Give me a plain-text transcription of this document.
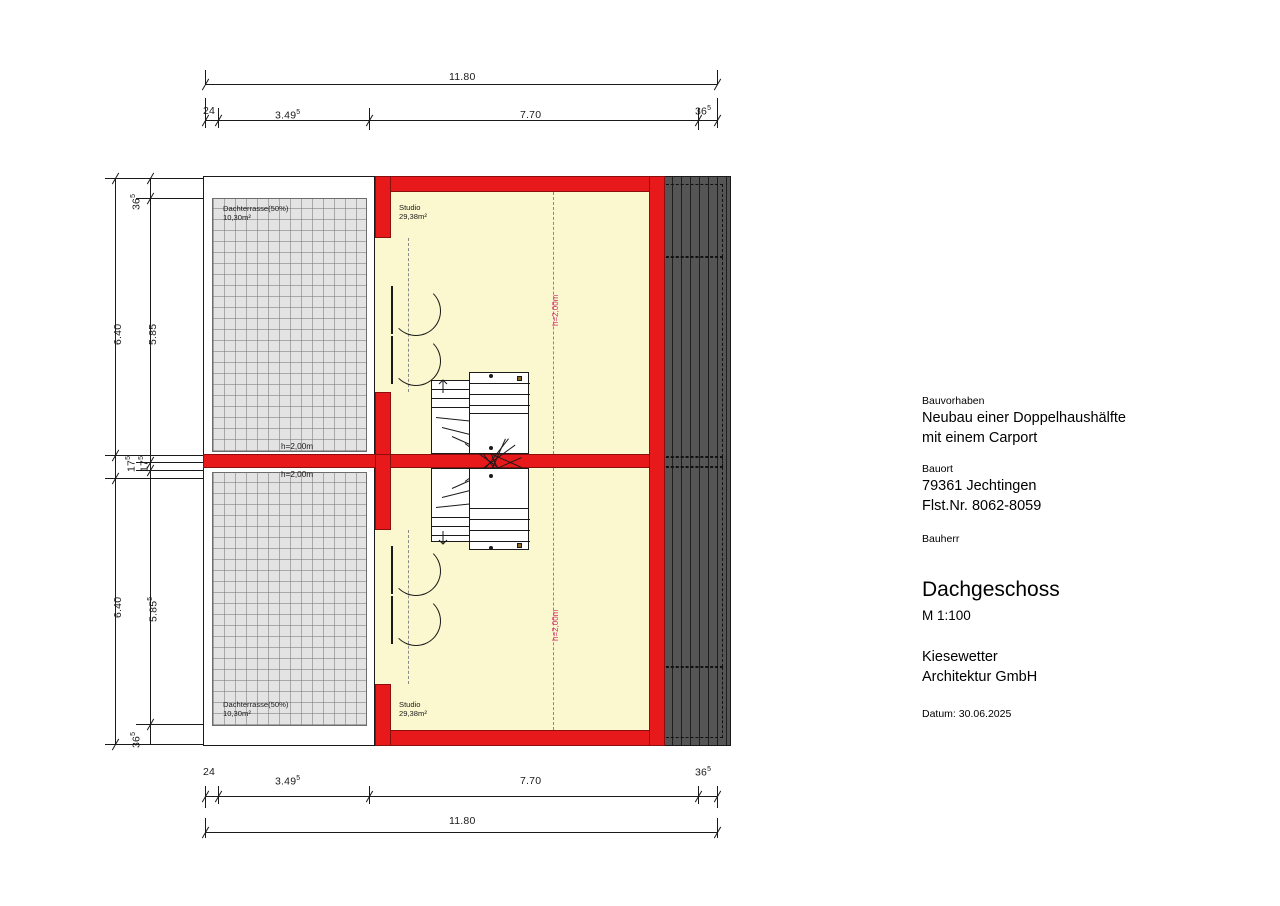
11.80
24	3.49$^5$	7.70	$36^5$
$36^5$
6.40 5.85
$17^5$
$17^5$
6.40 5.85$^5$
$36^5$
Dachterrasse(50%)
10,30m²
Dachterrasse(50%)
10,30m²
Studio
29,38m²
Studio
29,38m²
h=2,00m
h=2,00m
h=2,00m
h=2,00m
24
3.49$^5$	7.70
$36^5$
11.80

Bauvorhaben

Neubau einer Doppelhaushälfte

mit einem Carport

Bauort

79361 Jechtingen

Flst.Nr. 8062-8059

Bauherr

Dachgeschoss

M 1:100

Kiesewetter

Architektur GmbH

Datum: 30.06.2025
